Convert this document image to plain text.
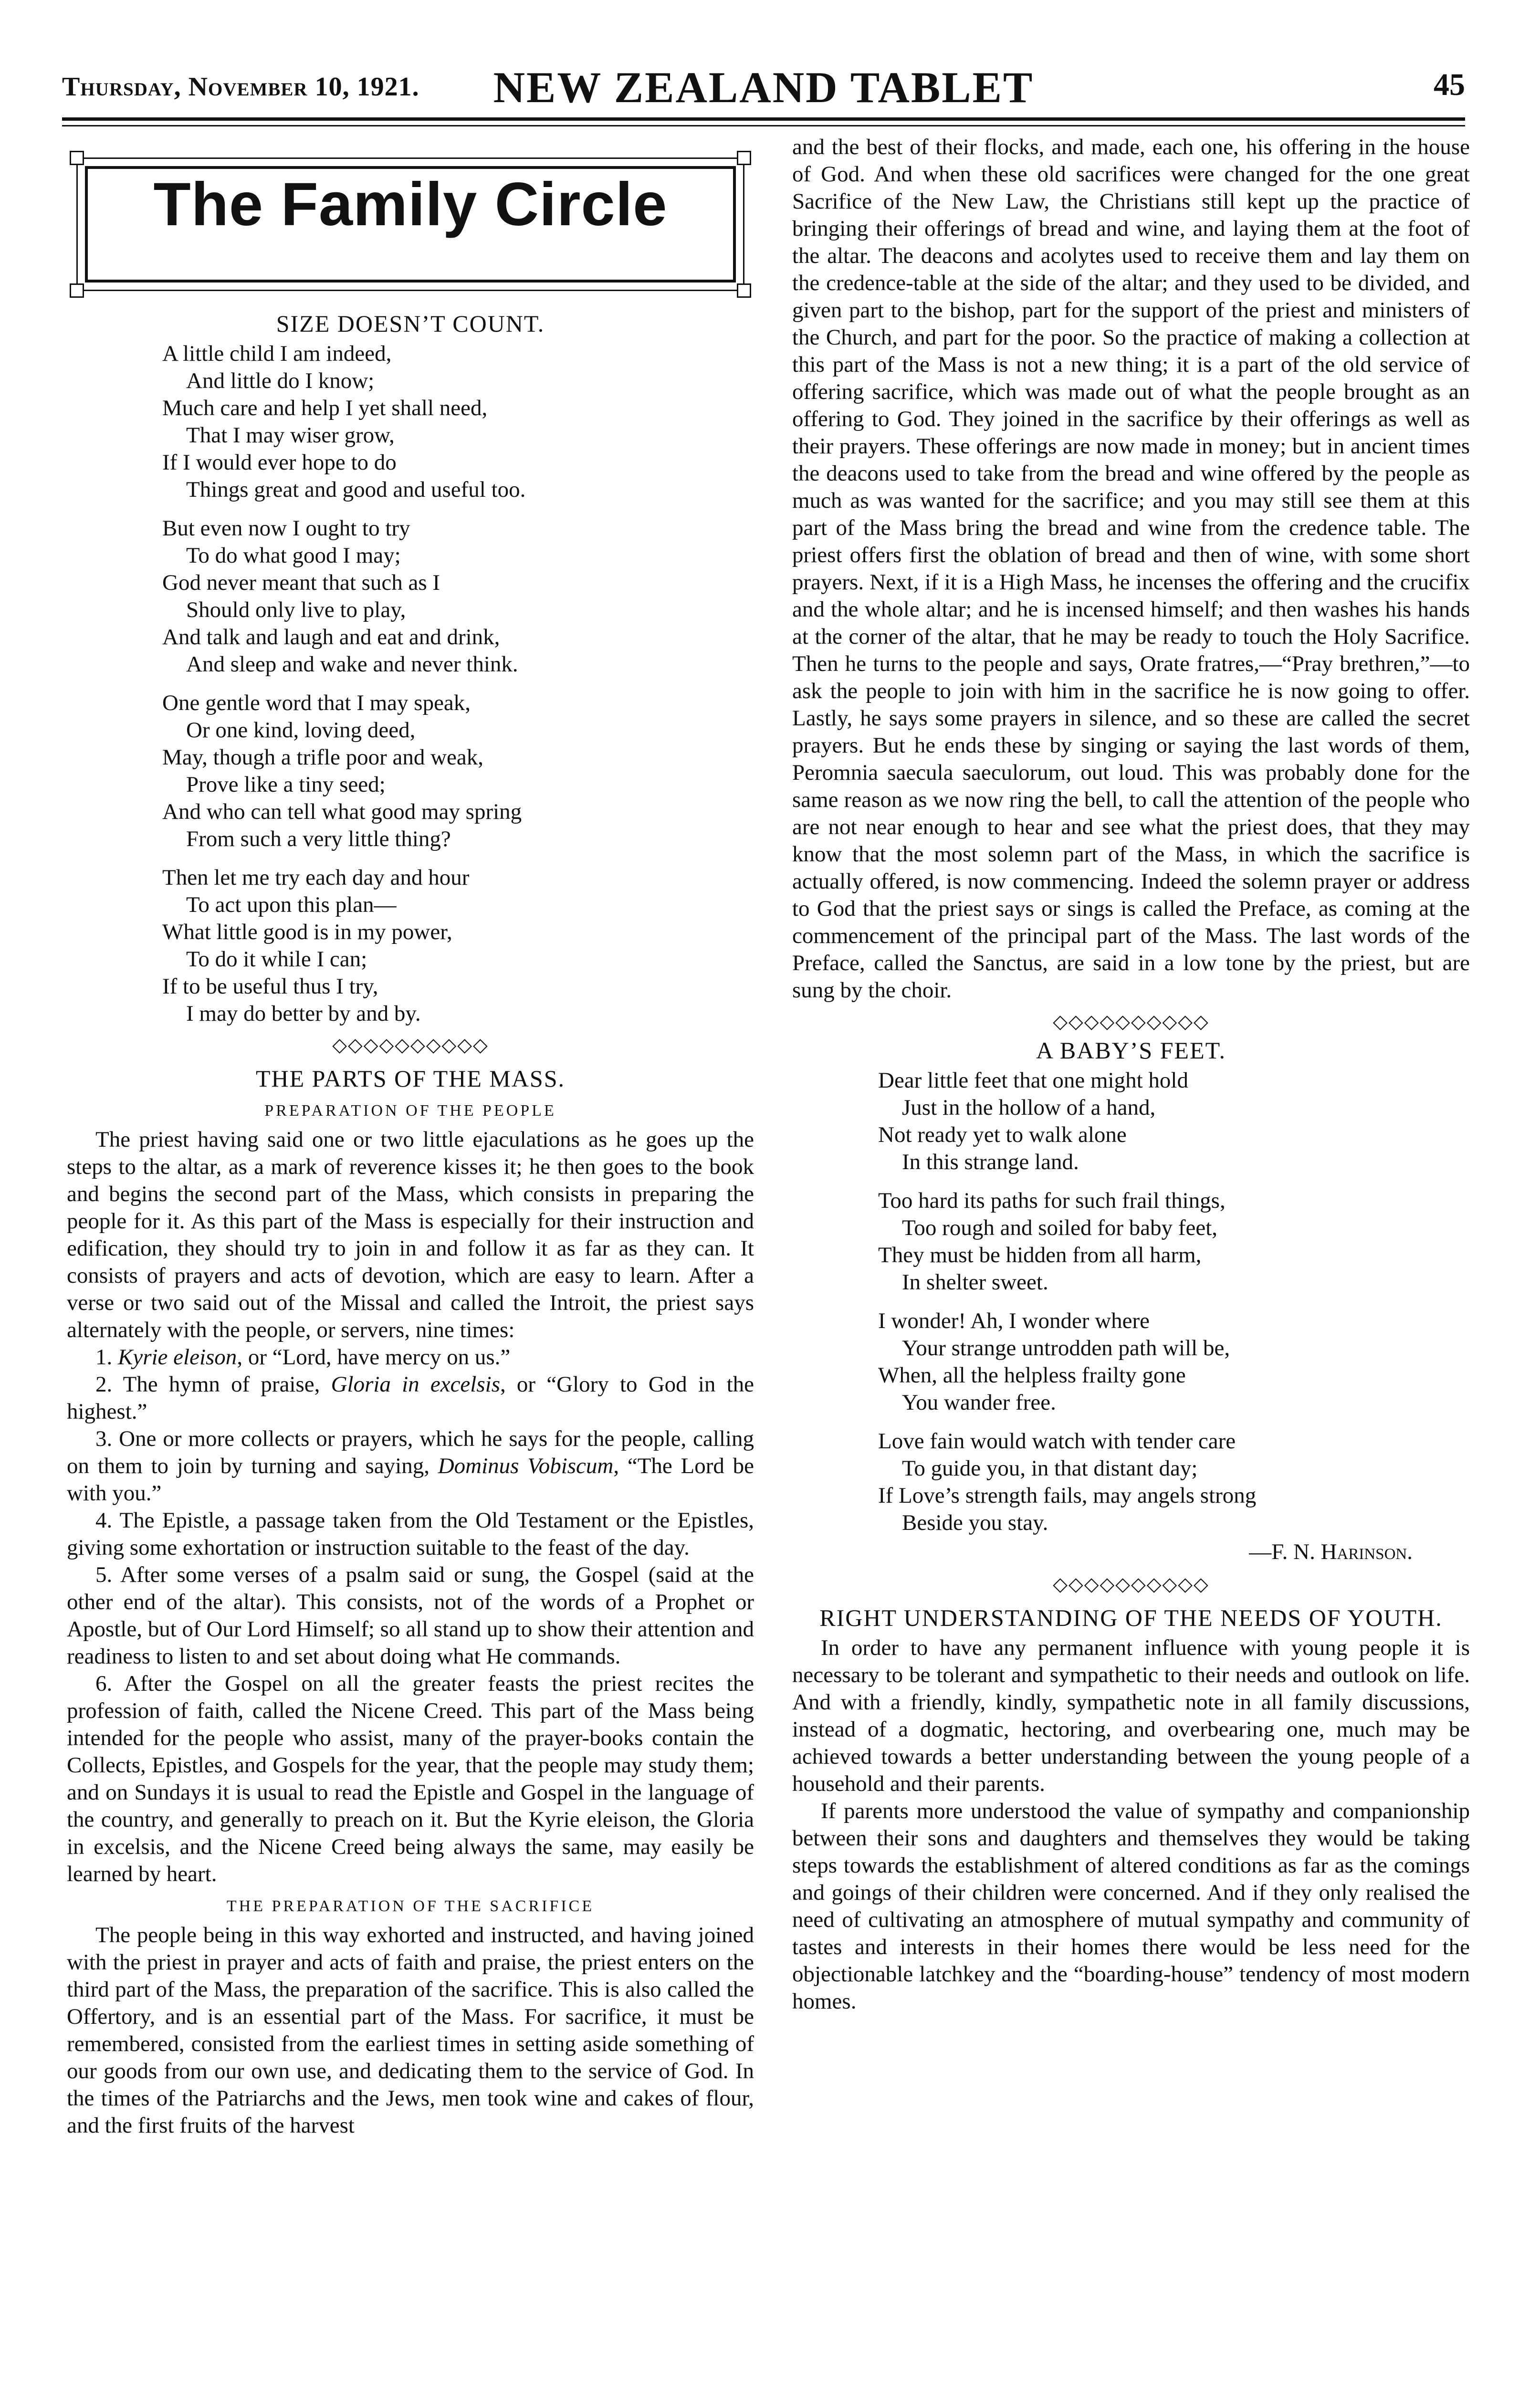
Thursday, November 10, 1921.	NEW ZEALAND TABLET	45
The Family Circle
SIZE DOESN’T COUNT.
A little child I am indeed,
And little do I know;
Much care and help I yet shall need,
That I may wiser grow,
If I would ever hope to do
Things great and good and useful too.
But even now I ought to try
To do what good I may;
God never meant that such as I
Should only live to play,
And talk and laugh and eat and drink,
And sleep and wake and never think.
One gentle word that I may speak,
Or one kind, loving deed,
May, though a trifle poor and weak,
Prove like a tiny seed;
And who can tell what good may spring
From such a very little thing?
Then let me try each day and hour
To act upon this plan—
What little good is in my power,
To do it while I can;
If to be useful thus I try,
I may do better by and by.
◇◇◇◇◇◇◇◇◇◇
THE PARTS OF THE MASS.
PREPARATION OF THE PEOPLE

The priest having said one or two little ejaculations as he goes up the steps to the altar, as a mark of reverence kisses it; he then goes to the book and begins the second part of the Mass, which consists in preparing the people for it. As this part of the Mass is especially for their instruction and edification, they should try to join in and follow it as far as they can. It consists of prayers and acts of devotion, which are easy to learn. After a verse or two said out of the Missal and called the Introit, the priest says alternately with the people, or servers, nine times:

1. Kyrie eleison, or “Lord, have mercy on us.”

2. The hymn of praise, Gloria in excelsis, or “Glory to God in the highest.”

3. One or more collects or prayers, which he says for the people, calling on them to join by turning and saying, Dominus Vobiscum, “The Lord be with you.”

4. The Epistle, a passage taken from the Old Testament or the Epistles, giving some exhortation or instruction suitable to the feast of the day.

5. After some verses of a psalm said or sung, the Gospel (said at the other end of the altar). This consists, not of the words of a Prophet or Apostle, but of Our Lord Himself; so all stand up to show their attention and readiness to listen to and set about doing what He commands.

6. After the Gospel on all the greater feasts the priest recites the profession of faith, called the Nicene Creed. This part of the Mass being intended for the people who assist, many of the prayer-books contain the Collects, Epistles, and Gospels for the year, that the people may study them; and on Sundays it is usual to read the Epistle and Gospel in the language of the country, and generally to preach on it. But the Kyrie eleison, the Gloria in excelsis, and the Nicene Creed being always the same, may easily be learned by heart.

THE PREPARATION OF THE SACRIFICE

The people being in this way exhorted and instructed, and having joined with the priest in prayer and acts of faith and praise, the priest enters on the third part of the Mass, the preparation of the sacrifice. This is also called the Offertory, and is an essential part of the Mass. For sacrifice, it must be remembered, consisted from the earliest times in setting aside something of our goods from our own use, and dedicating them to the service of God. In the times of the Patriarchs and the Jews, men took wine and cakes of flour, and the first fruits of the harvest

and the best of their flocks, and made, each one, his offering in the house of God. And when these old sacrifices were changed for the one great Sacrifice of the New Law, the Christians still kept up the practice of bringing their offerings of bread and wine, and laying them at the foot of the altar. The deacons and acolytes used to receive them and lay them on the credence-table at the side of the altar; and they used to be divided, and given part to the bishop, part for the support of the priest and ministers of the Church, and part for the poor. So the practice of making a collection at this part of the Mass is not a new thing; it is a part of the old service of offering sacrifice, which was made out of what the people brought as an offering to God. They joined in the sacrifice by their offerings as well as their prayers. These offerings are now made in money; but in ancient times the deacons used to take from the bread and wine offered by the people as much as was wanted for the sacrifice; and you may still see them at this part of the Mass bring the bread and wine from the credence table. The priest offers first the oblation of bread and then of wine, with some short prayers. Next, if it is a High Mass, he incenses the offering and the crucifix and the whole altar; and he is incensed himself; and then washes his hands at the corner of the altar, that he may be ready to touch the Holy Sacrifice. Then he turns to the people and says, Orate fratres,—“Pray brethren,”—to ask the people to join with him in the sacrifice he is now going to offer. Lastly, he says some prayers in silence, and so these are called the secret prayers. But he ends these by singing or saying the last words of them, Peromnia saecula saeculorum, out loud. This was probably done for the same reason as we now ring the bell, to call the attention of the people who are not near enough to hear and see what the priest does, that they may know that the most solemn part of the Mass, in which the sacrifice is actually offered, is now commencing. Indeed the solemn prayer or address to God that the priest says or sings is called the Preface, as coming at the commencement of the principal part of the Mass. The last words of the Preface, called the Sanctus, are said in a low tone by the priest, but are sung by the choir.

◇◇◇◇◇◇◇◇◇◇
A BABY’S FEET.
Dear little feet that one might hold
Just in the hollow of a hand,
Not ready yet to walk alone
In this strange land.
Too hard its paths for such frail things,
Too rough and soiled for baby feet,
They must be hidden from all harm,
In shelter sweet.
I wonder! Ah, I wonder where
Your strange untrodden path will be,
When, all the helpless frailty gone
You wander free.
Love fain would watch with tender care
To guide you, in that distant day;
If Love’s strength fails, may angels strong
Beside you stay.
—F. N. Harinson.
◇◇◇◇◇◇◇◇◇◇
RIGHT UNDERSTANDING OF THE NEEDS OF YOUTH.

In order to have any permanent influence with young people it is necessary to be tolerant and sympathetic to their needs and outlook on life. And with a friendly, kindly, sympathetic note in all family discussions, instead of a dogmatic, hectoring, and overbearing one, much may be achieved towards a better understanding between the young people of a household and their parents.

If parents more understood the value of sympathy and companionship between their sons and daughters and themselves they would be taking steps towards the establishment of altered conditions as far as the comings and goings of their children were concerned. And if they only realised the need of cultivating an atmosphere of mutual sympathy and community of tastes and interests in their homes there would be less need for the objectionable latchkey and the “boarding-house” tendency of most modern homes.
